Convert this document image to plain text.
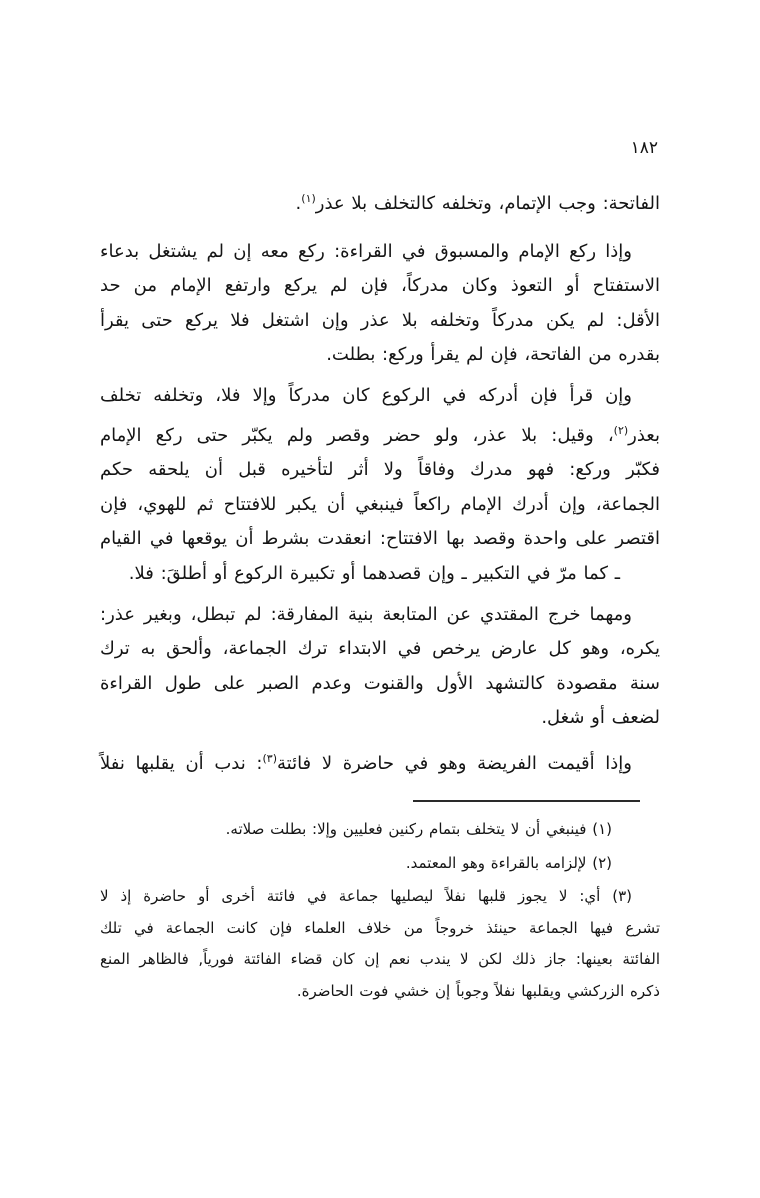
١٨٢
الفاتحة: وجب الإتمام، وتخلفه كالتخلف بلا عذر$^{(١)}$.
وإذا ركع الإمام والمسبوق في القراءة: ركع معه إن لم يشتغل بدعاء
الاستفتاح أو التعوذ وكان مدركاً، فإن لم يركع وارتفع الإمام من حد
الأقل: لم يكن مدركاً وتخلفه بلا عذر وإن اشتغل فلا يركع حتى يقرأ
بقدره من الفاتحة، فإن لم يقرأ وركع: بطلت.
وإن قرأ فإن أدركه في الركوع كان مدركاً وإلا فلا، وتخلفه تخلف
بعذر$^{(٢)}$، وقيل: بلا عذر، ولو حضر وقصر ولم يكبّر حتى ركع الإمام
فكبّر وركع: فهو مدرك وفاقاً ولا أثر لتأخيره قبل أن يلحقه حكم
الجماعة، وإن أدرك الإمام راكعاً فينبغي أن يكبر للافتتاح ثم للهوي، فإن
اقتصر على واحدة وقصد بها الافتتاح: انعقدت بشرط أن يوقعها في القيام
ـ كما مرّ في التكبير ـ وإن قصدهما أو تكبيرة الركوع أو أطلقَ: فلا.
ومهما خرج المقتدي عن المتابعة بنية المفارقة: لم تبطل، وبغير عذر:
يكره، وهو كل عارض يرخص في الابتداء ترك الجماعة، وألحق به ترك
سنة مقصودة كالتشهد الأول والقنوت وعدم الصبر على طول القراءة
لضعف أو شغل.
وإذا أقيمت الفريضة وهو في حاضرة لا فائتة$^{(٣)}$: ندب أن يقلبها نفلاً
(١) فينبغي أن لا يتخلف بتمام ركنين فعليين وإلا: بطلت صلاته.
(٢) لإلزامه بالقراءة وهو المعتمد.
(٣) أي: لا يجوز قلبها نفلاً ليصليها جماعة في فائتة أخرى أو حاضرة إذ لا
تشرع فيها الجماعة حينئذ خروجاً من خلاف العلماء فإن كانت الجماعة في تلك
الفائتة بعينها: جاز ذلك لكن لا يندب نعم إن كان قضاء الفائتة فورياً, فالظاهر المنع
ذكره الزركشي ويقلبها نفلاً وجوباً إن خشي فوت الحاضرة.
